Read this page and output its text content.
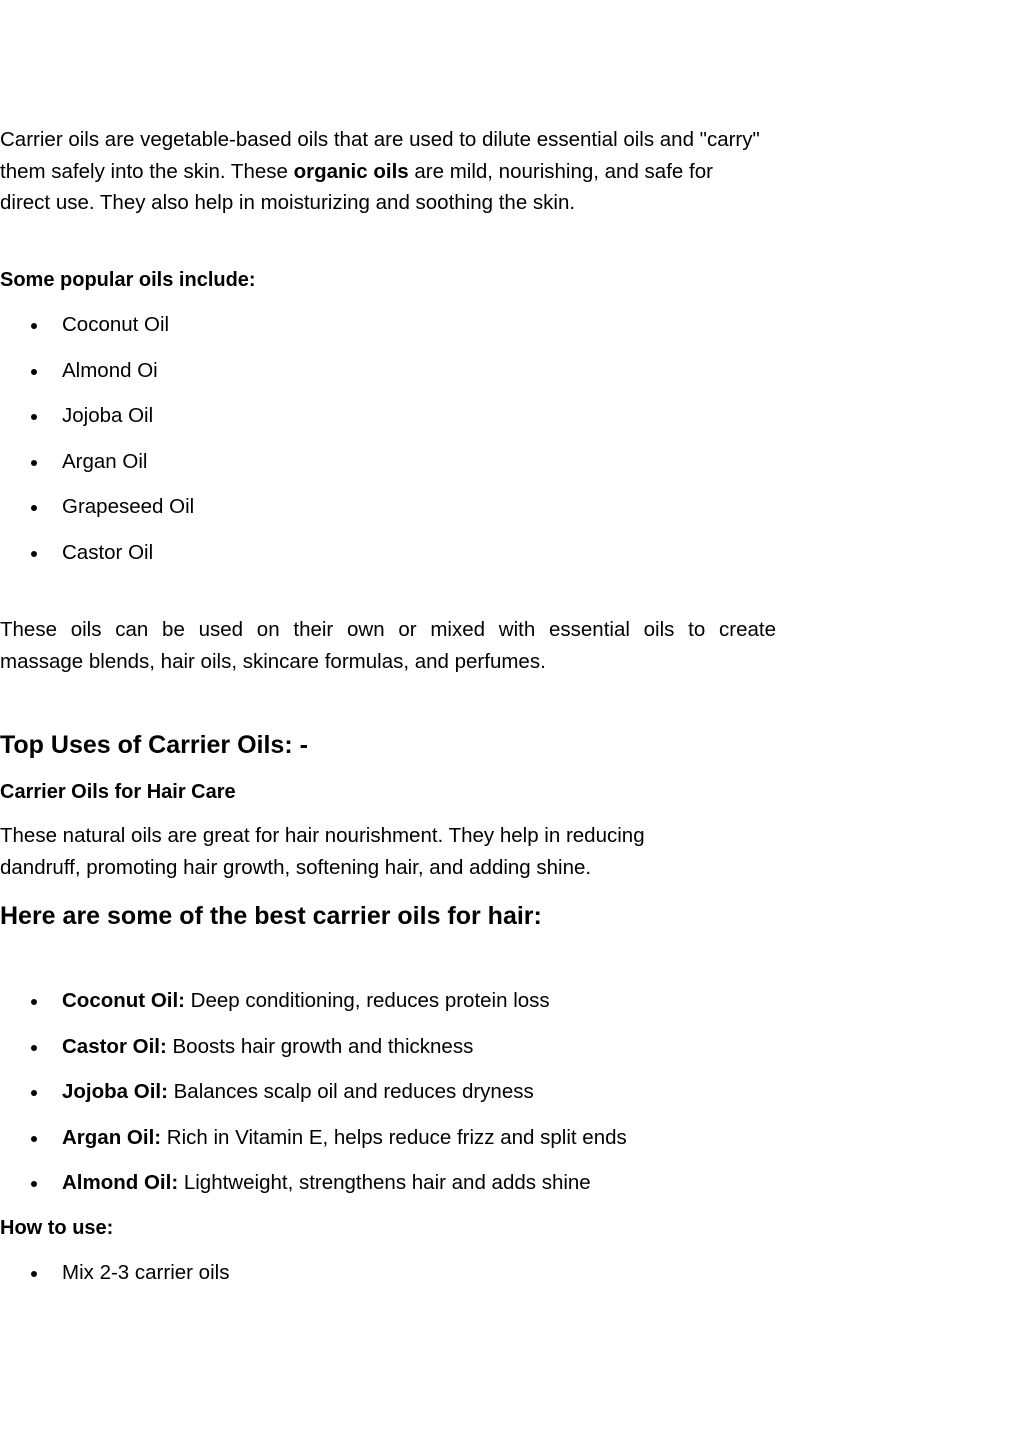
Carrier oils are vegetable-based oils that are used to dilute essential oils and "carry" them safely into the skin. These organic oils are mild, nourishing, and safe for direct use. They also help in moisturizing and soothing the skin.

Some popular oils include:
Coconut Oil
Almond Oi
Jojoba Oil
Argan Oil
Grapeseed Oil
Castor Oil

These oils can be used on their own or mixed with essential oils to create

massage blends, hair oils, skincare formulas, and perfumes.

Top Uses of Carrier Oils: -
Carrier Oils for Hair Care

These natural oils are great for hair nourishment. They help in reducing dandruff, promoting hair growth, softening hair, and adding shine.

Here are some of the best carrier oils for hair:
Coconut Oil: Deep conditioning, reduces protein loss
Castor Oil: Boosts hair growth and thickness
Jojoba Oil: Balances scalp oil and reduces dryness
Argan Oil: Rich in Vitamin E, helps reduce frizz and split ends
Almond Oil: Lightweight, strengthens hair and adds shine
How to use:
Mix 2-3 carrier oils
